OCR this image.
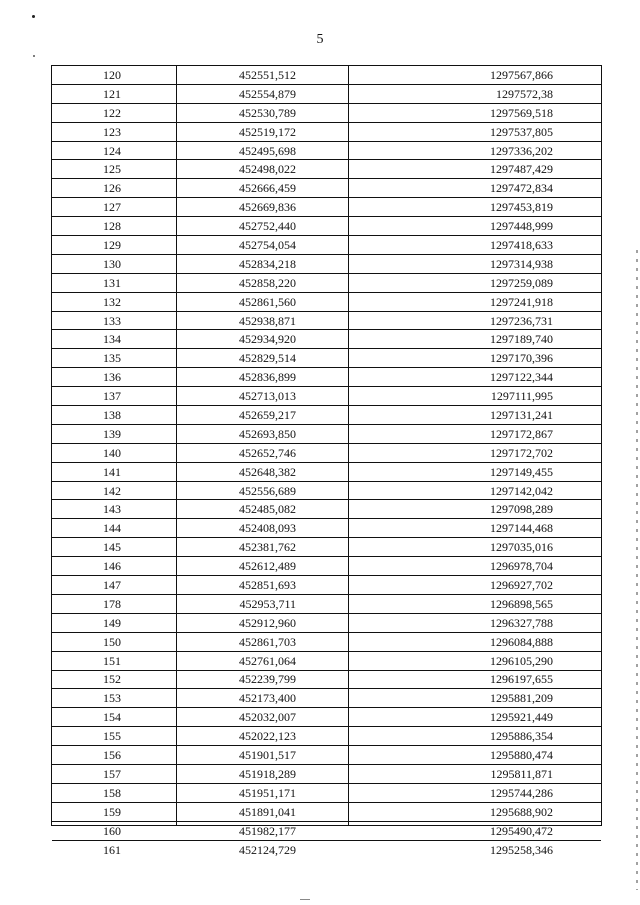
5
120	452551,512	1297567,866
121	452554,879	1297572,38
122	452530,789	1297569,518
123	452519,172	1297537,805
124	452495,698	1297336,202
125	452498,022	1297487,429
126	452666,459	1297472,834
127	452669,836	1297453,819
128	452752,440	1297448,999
129	452754,054	1297418,633
130	452834,218	1297314,938
131	452858,220	1297259,089
132	452861,560	1297241,918
133	452938,871	1297236,731
134	452934,920	1297189,740
135	452829,514	1297170,396
136	452836,899	1297122,344
137	452713,013	1297111,995
138	452659,217	1297131,241
139	452693,850	1297172,867
140	452652,746	1297172,702
141	452648,382	1297149,455
142	452556,689	1297142,042
143	452485,082	1297098,289
144	452408,093	1297144,468
145	452381,762	1297035,016
146	452612,489	1296978,704
147	452851,693	1296927,702
178	452953,711	1296898,565
149	452912,960	1296327,788
150	452861,703	1296084,888
151	452761,064	1296105,290
152	452239,799	1296197,655
153	452173,400	1295881,209
154	452032,007	1295921,449
155	452022,123	1295886,354
156	451901,517	1295880,474
157	451918,289	1295811,871
158	451951,171	1295744,286
159	451891,041	1295688,902
160	451982,177	1295490,472
161	452124,729	1295258,346
